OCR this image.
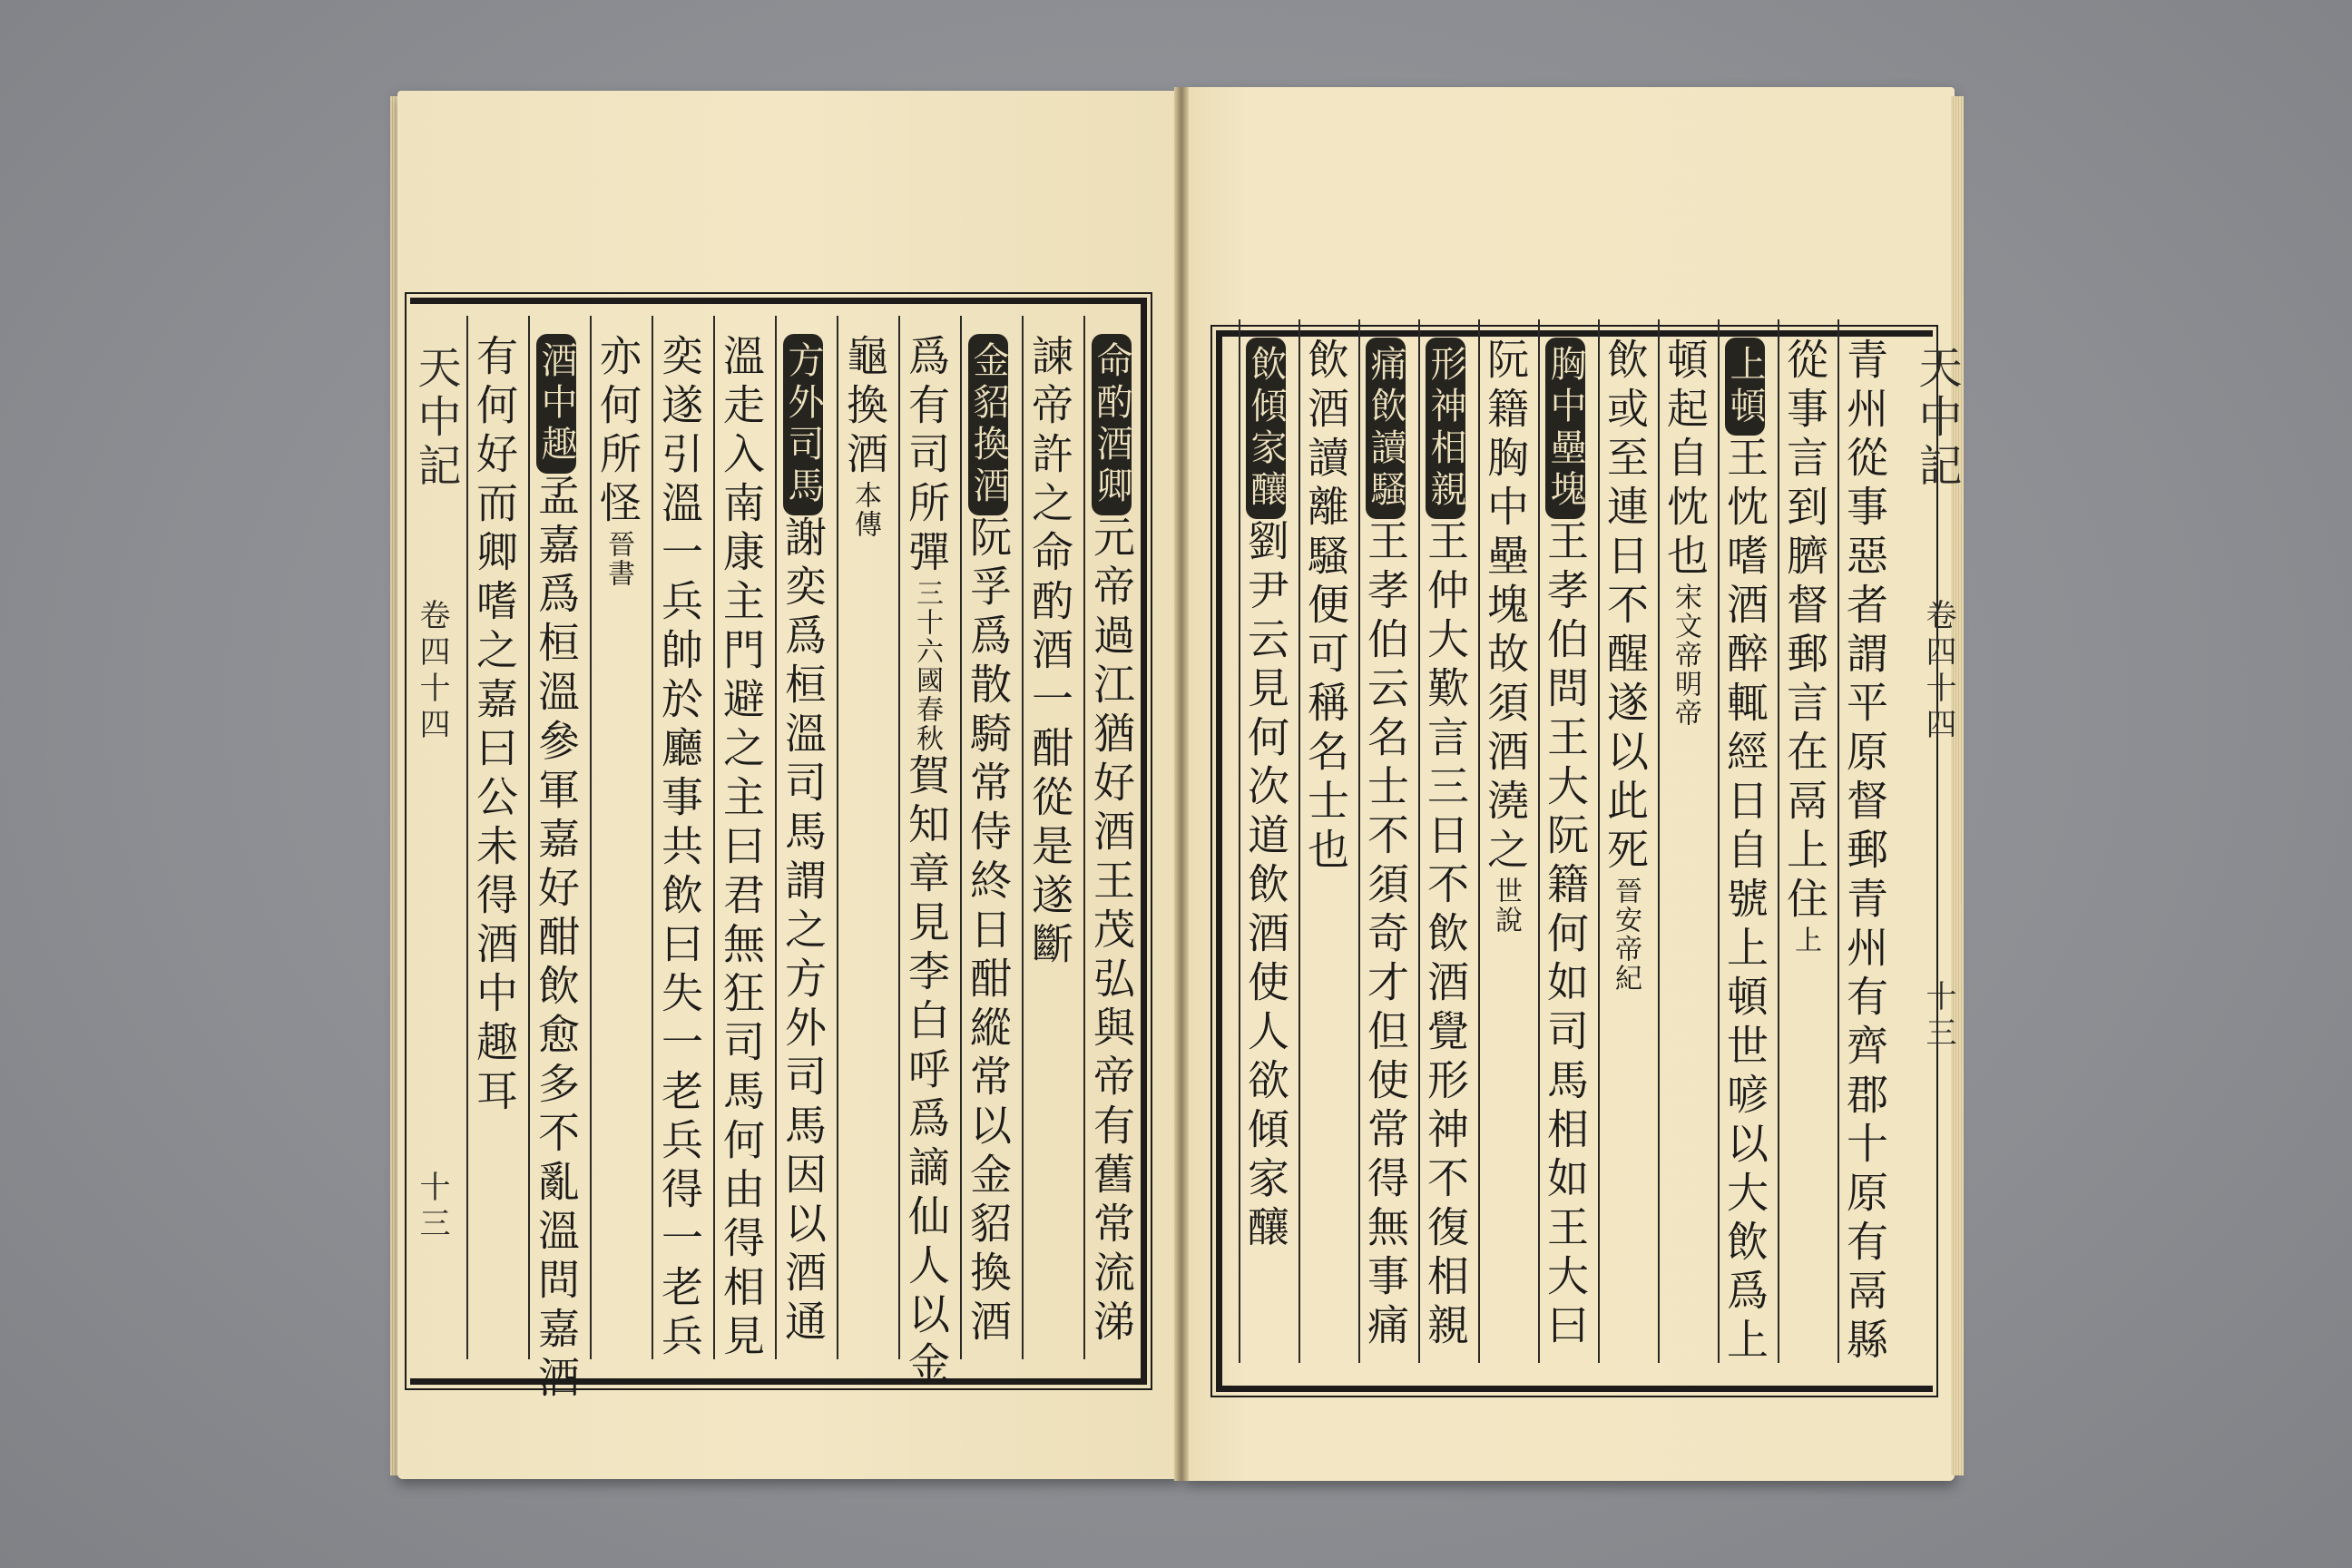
天中記
卷四十四
十三
命酌酒卿元帝過江猶好酒王茂弘與帝有舊常流涕
諫帝許之命酌酒一酣從是遂斷
金貂換酒阮孚爲散騎常侍終日酣縱常以金貂換酒
爲有司所彈三十六國春秋賀知章見李白呼爲謫仙人以金
龜換酒本傳
方外司馬謝奕爲桓溫司馬謂之方外司馬因以酒通
溫走入南康主門避之主曰君無狂司馬何由得相見
奕遂引溫一兵帥於廳事共飲曰失一老兵得一老兵
亦何所怪晉書
酒中趣孟嘉爲桓溫參軍嘉好酣飲愈多不亂溫問嘉酒
有何好而卿嗜之嘉曰公未得酒中趣耳	天中記
卷四十四
十三
青州從事惡者謂平原督郵青州有齊郡十原有鬲縣
從事言到臍督郵言在鬲上住上
上頓王忱嗜酒醉輒經日自號上頓世喭以大飲爲上
頓起自忱也宋文帝明帝
飲或至連日不醒遂以此死晉安帝紀
胸中壘塊王孝伯問王大阮籍何如司馬相如王大曰
阮籍胸中壘塊故須酒澆之世說
形神相親王仲大歎言三日不飲酒覺形神不復相親
痛飲讀騷王孝伯云名士不須奇才但使常得無事痛
飲酒讀離騷便可稱名士也
飲傾家釀劉尹云見何次道飲酒使人欲傾家釀
